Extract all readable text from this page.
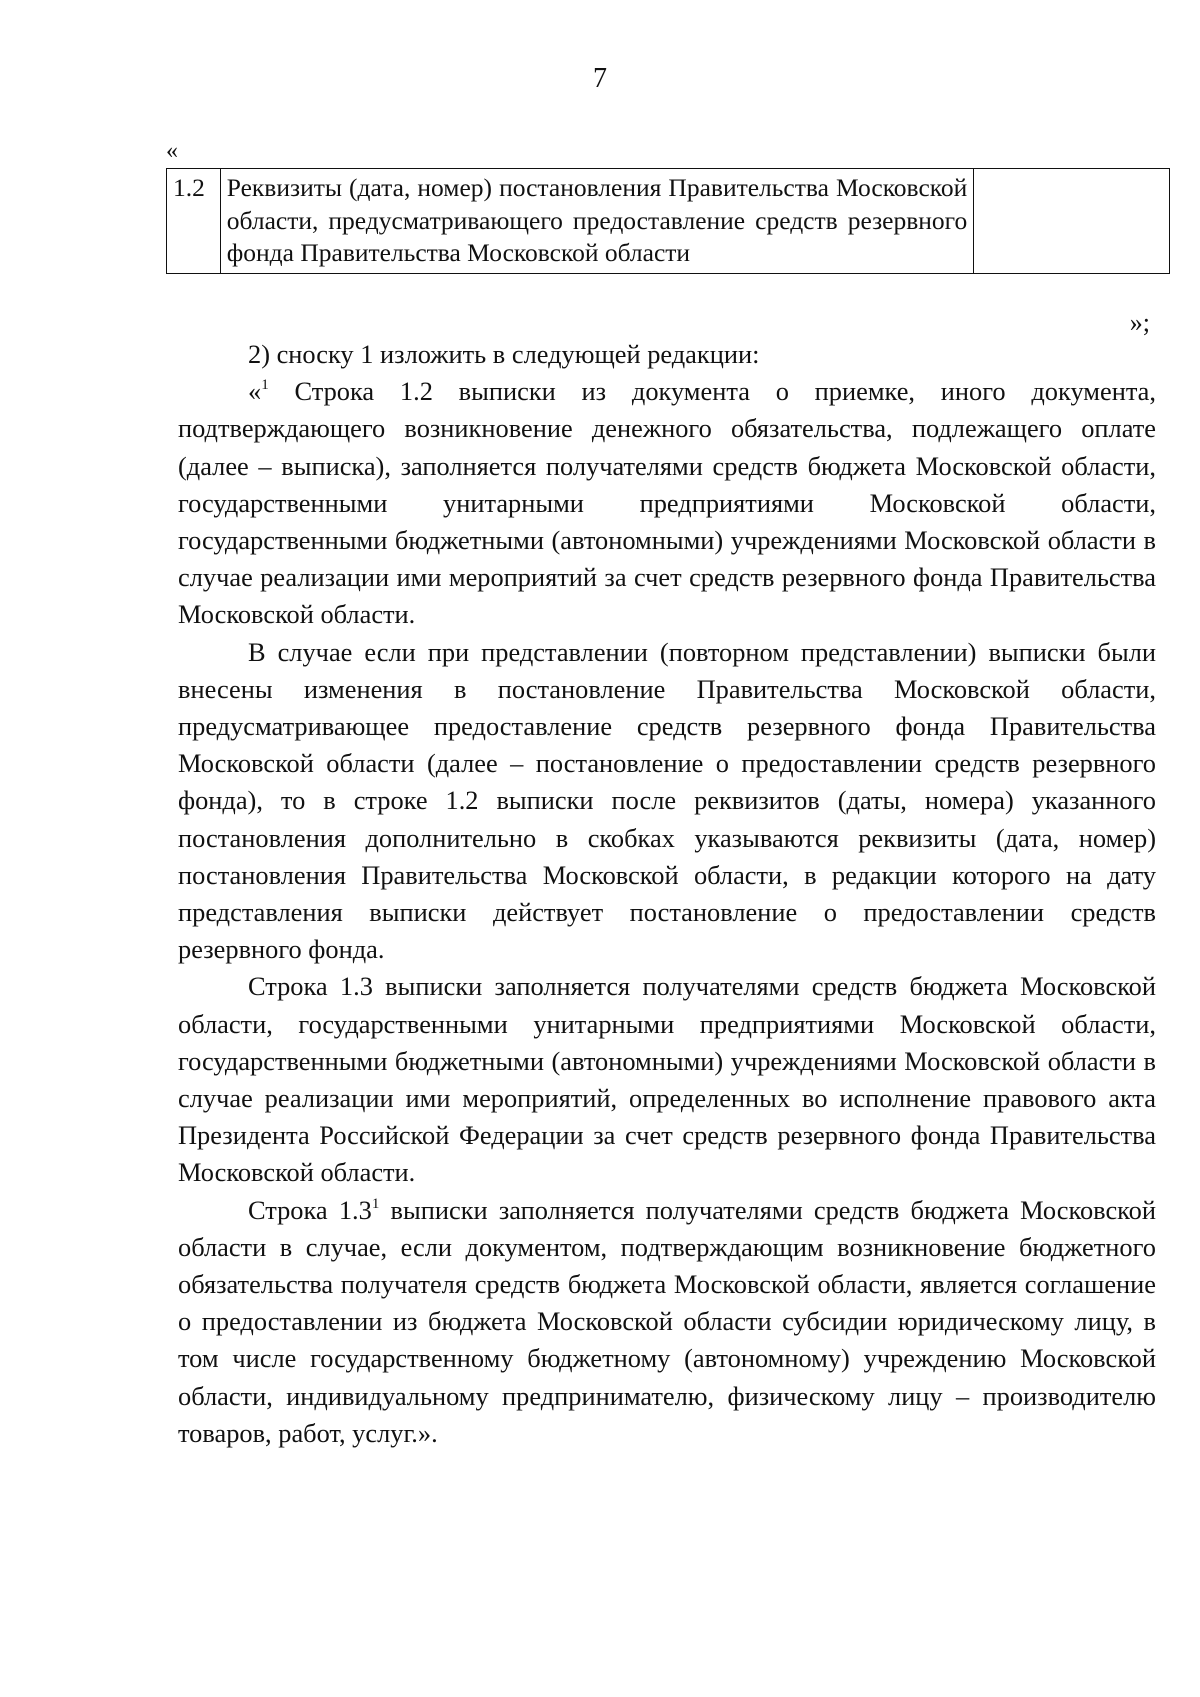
7
«
1.2	Реквизиты (дата, номер) постановления Правительства Московской области, предусматривающего предоставление средств резервного фонда Правительства Московской области	
»;

2) сноску 1 изложить в следующей редакции:

«$^1$ Строка 1.2 выписки из документа о приемке, иного документа, подтверждающего возникновение денежного обязательства, подлежащего оплате (далее – выписка), заполняется получателями средств бюджета Московской области, государственными унитарными предприятиями Московской области, государственными бюджетными (автономными) учреждениями Московской области в случае реализации ими мероприятий за счет средств резервного фонда Правительства Московской области.

В случае если при представлении (повторном представлении) выписки были внесены изменения в постановление Правительства Московской области, предусматривающее предоставление средств резервного фонда Правительства Московской области (далее – постановление о предоставлении средств резервного фонда), то в строке 1.2 выписки после реквизитов (даты, номера) указанного постановления дополнительно в скобках указываются реквизиты (дата, номер) постановления Правительства Московской области, в редакции которого на дату представления выписки действует постановление о предоставлении средств резервного фонда.

Строка 1.3 выписки заполняется получателями средств бюджета Московской области, государственными унитарными предприятиями Московской области, государственными бюджетными (автономными) учреждениями Московской области в случае реализации ими мероприятий, определенных во исполнение правового акта Президента Российской Федерации за счет средств резервного фонда Правительства Московской области.

Строка $1.3^1$ выписки заполняется получателями средств бюджета Московской области в случае, если документом, подтверждающим возникновение бюджетного обязательства получателя средств бюджета Московской области, является соглашение о предоставлении из бюджета Московской области субсидии юридическому лицу, в том числе государственному бюджетному (автономному) учреждению Московской области, индивидуальному предпринимателю, физическому лицу – производителю товаров, работ, услуг.».
